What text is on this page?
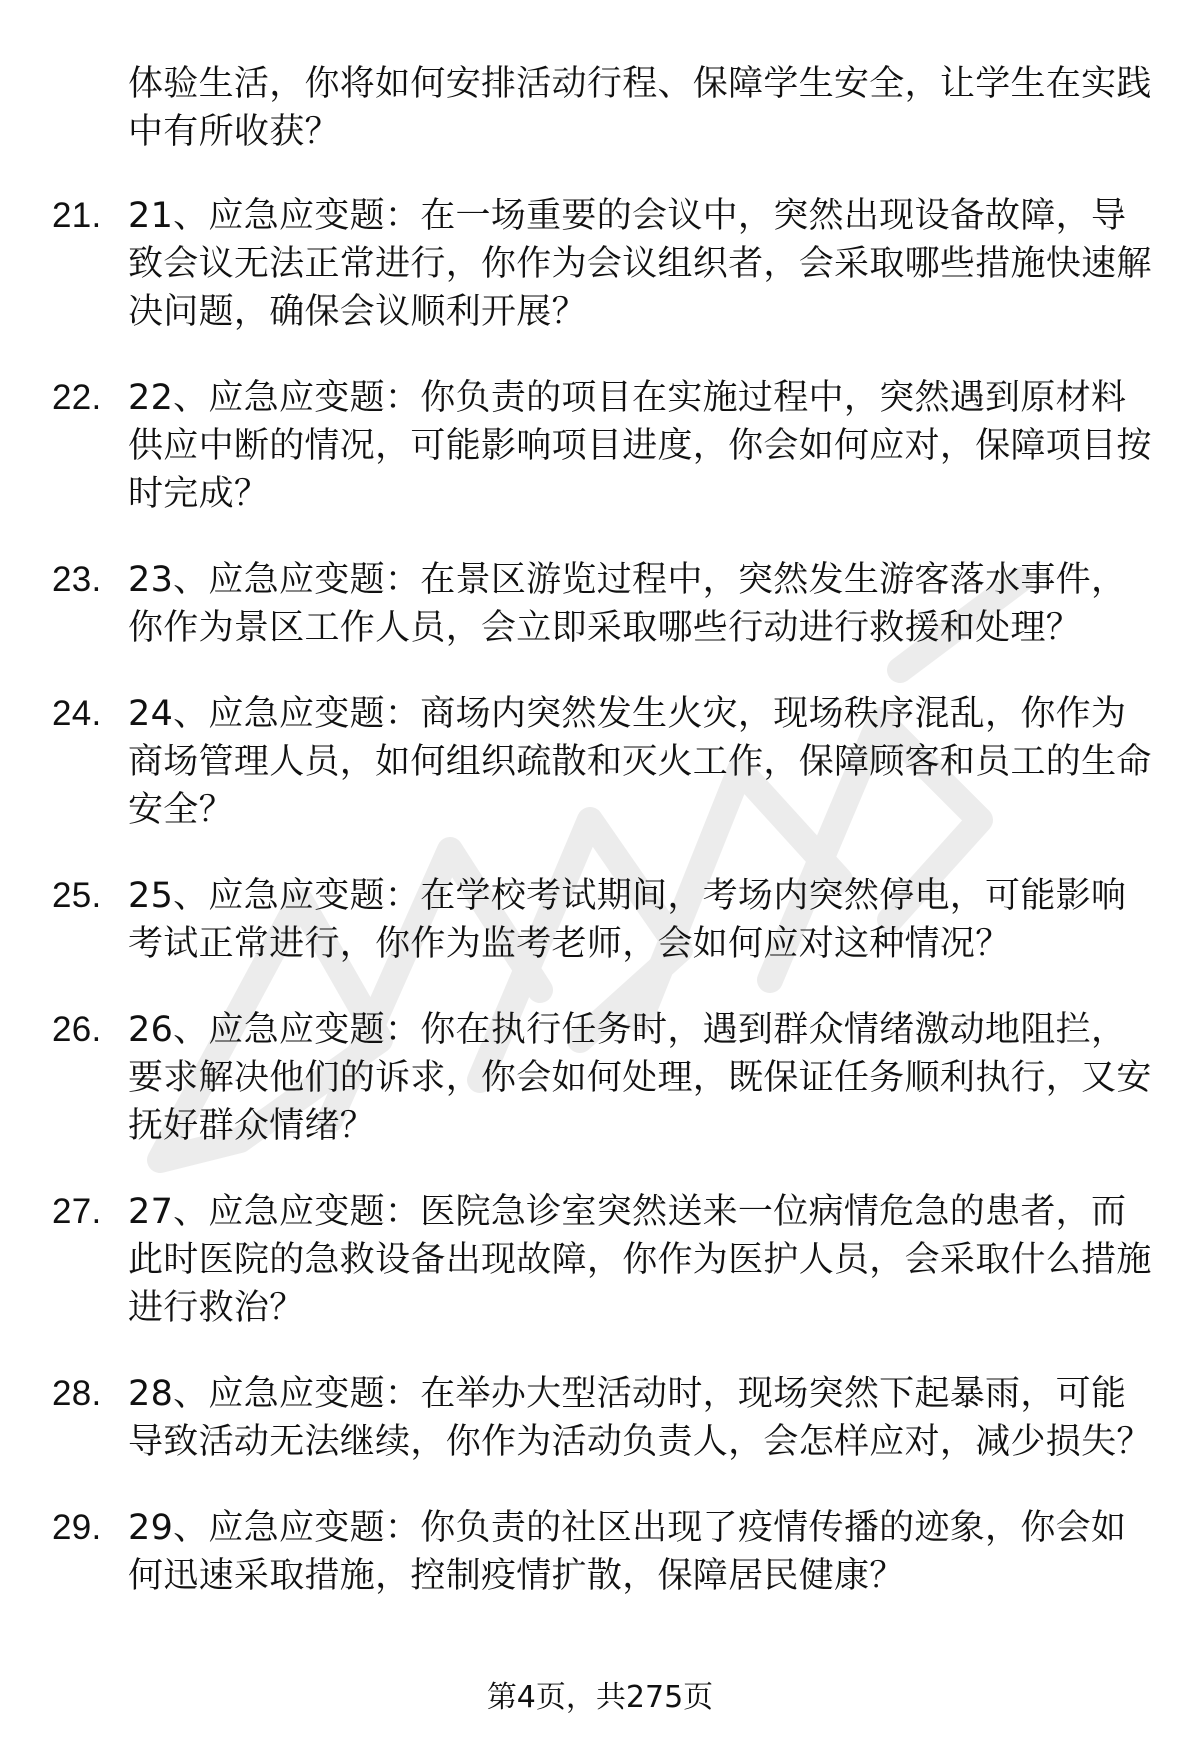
体验生活，你将如何安排活动行程、保障学生安全，让学生在实践中有所收获？
21. 21、应急应变题：在一场重要的会议中，突然出现设备故障，导致会议无法正常进行，你作为会议组织者，会采取哪些措施快速解决问题，确保会议顺利开展？
22. 22、应急应变题：你负责的项目在实施过程中，突然遇到原材料供应中断的情况，可能影响项目进度，你会如何应对，保障项目按时完成？
23. 23、应急应变题：在景区游览过程中，突然发生游客落水事件，你作为景区工作人员，会立即采取哪些行动进行救援和处理？
24. 24、应急应变题：商场内突然发生火灾，现场秩序混乱，你作为商场管理人员，如何组织疏散和灭火工作，保障顾客和员工的生命安全？
25. 25、应急应变题：在学校考试期间，考场内突然停电，可能影响考试正常进行，你作为监考老师，会如何应对这种情况？
26. 26、应急应变题：你在执行任务时，遇到群众情绪激动地阻拦，要求解决他们的诉求，你会如何处理，既保证任务顺利执行，又安抚好群众情绪？
27. 27、应急应变题：医院急诊室突然送来一位病情危急的患者，而此时医院的急救设备出现故障，你作为医护人员，会采取什么措施进行救治？
28. 28、应急应变题：在举办大型活动时，现场突然下起暴雨，可能导致活动无法继续，你作为活动负责人，会怎样应对，减少损失？
29. 29、应急应变题：你负责的社区出现了疫情传播的迹象，你会如何迅速采取措施，控制疫情扩散，保障居民健康？
第4页，共275页
